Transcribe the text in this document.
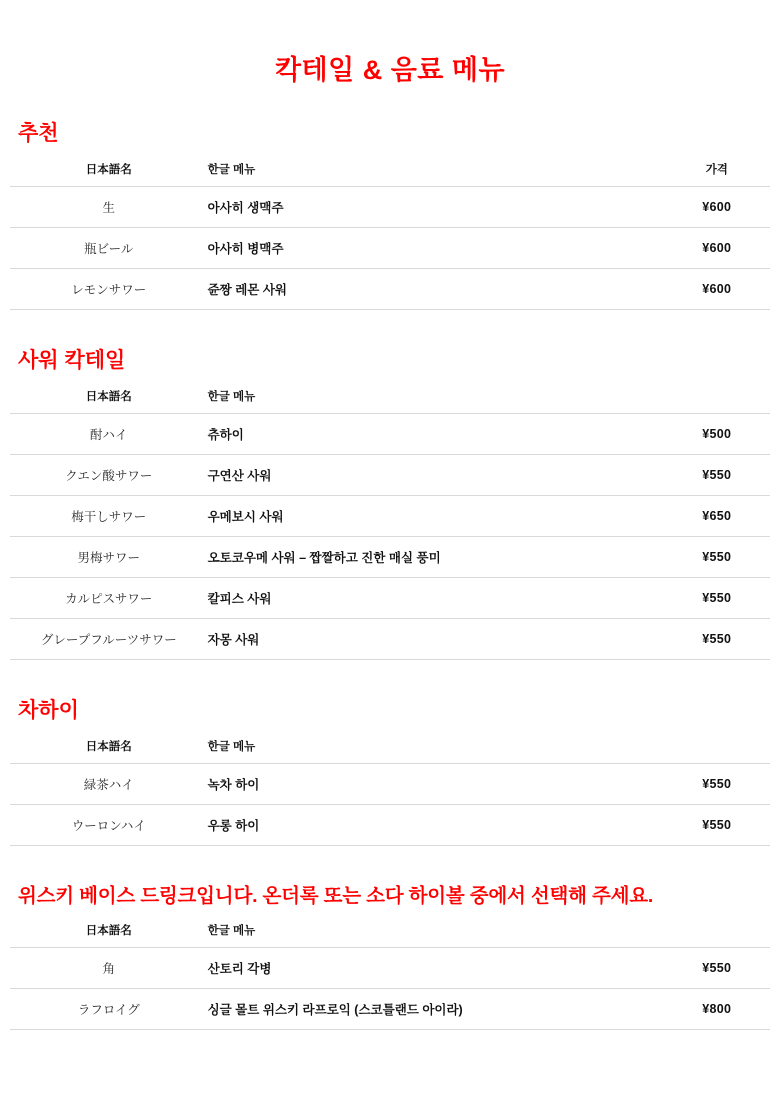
칵테일 & 음료 메뉴
추천
日本語名	한글 메뉴	가격
生	아사히 생맥주	¥600
瓶ビール	아사히 병맥주	¥600
レモンサワー	쥰짱 레몬 사워	¥600
사워 칵테일
日本語名	한글 메뉴	
酎ハイ	츄하이	¥500
クエン酸サワー	구연산 사워	¥550
梅干しサワー	우메보시 사워	¥650
男梅サワー	오토코우메 사워 – 짭짤하고 진한 매실 풍미	¥550
カルピスサワー	칼피스 사워	¥550
グレープフルーツサワー	자몽 사워	¥550
차하이
日本語名	한글 메뉴	
緑茶ハイ	녹차 하이	¥550
ウーロンハイ	우롱 하이	¥550
위스키 베이스 드링크입니다. 온더록 또는 소다 하이볼 중에서 선택해 주세요.
日本語名	한글 메뉴	
角	산토리 각병	¥550
ラフロイグ	싱글 몰트 위스키 라프로익 (스코틀랜드 아이라)	¥800
